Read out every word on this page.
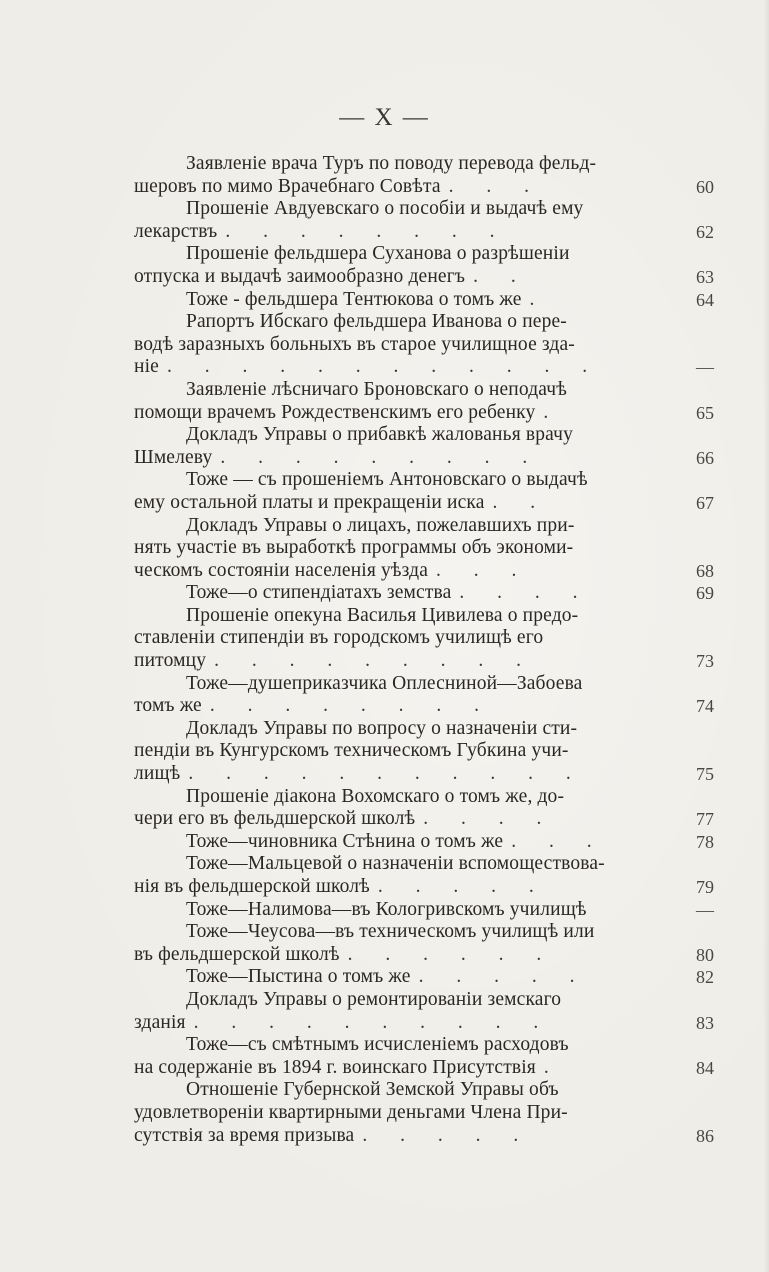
— X —
Заявленіе врача Туръ по поводу перевода фельд-
шеровъ по мимо Врачебнаго Совѣта . . .	60
Прошеніе Авдуевскаго о пособіи и выдачѣ ему
лекарствъ . . . . . . . .	62
Прошеніе фельдшера Суханова о разрѣшеніи
отпуска и выдачѣ заимообразно денегъ . .	63
Тоже - фельдшера Тентюкова о томъ же .	64
Рапортъ Ибскаго фельдшера Иванова о пере-
водѣ заразныхъ больныхъ въ старое училищное зда-
ніе . . . . . . . . . . . .	—
Заявленіе лѣсничаго Броновскаго о неподачѣ
помощи врачемъ Рождественскимъ его ребенку .	65
Докладъ Управы о прибавкѣ жалованья врачу
Шмелеву . . . . . . . . .	66
Тоже — съ прошеніемъ Антоновскаго о выдачѣ
ему остальной платы и прекращеніи иска . .	67
Докладъ Управы о лицахъ, пожелавшихъ при-
нять участіе въ выработкѣ программы объ экономи-
ческомъ состояніи населенія уѣзда . . .	68
Тоже—о стипендіатахъ земства . . . .	69
Прошеніе опекуна Василья Цивилева о предо-
ставленіи стипендіи въ городскомъ училищѣ его
питомцу . . . . . . . . .	73
Тоже—душеприказчика Оплесниной—Забоева
томъ же . . . . . . . .	74
Докладъ Управы по вопросу о назначеніи сти-
пендіи въ Кунгурскомъ техническомъ Губкина учи-
лищѣ . . . . . . . . . . .	75
Прошеніе діакона Вохомскаго о томъ же, до-
чери его въ фельдшерской школѣ . . . .	77
Тоже—чиновника Стѣнина о томъ же . . .	78
Тоже—Мальцевой о назначеніи вспомоществова-
нія въ фельдшерской школѣ . . . . .	79
Тоже—Налимова—въ Кологривскомъ училищѣ	—
Тоже—Чеусова—въ техническомъ училищѣ или
въ фельдшерской школѣ . . . . . .	80
Тоже—Пыстина о томъ же . . . . .	82
Докладъ Управы о ремонтированіи земскаго
зданія . . . . . . . . . .	83
Тоже—съ смѣтнымъ исчисленіемъ расходовъ
на содержаніе въ 1894 г. воинскаго Присутствія .	84
Отношеніе Губернской Земской Управы объ
удовлетвореніи квартирными деньгами Члена При-
сутствія за время призыва . . . . .	86
